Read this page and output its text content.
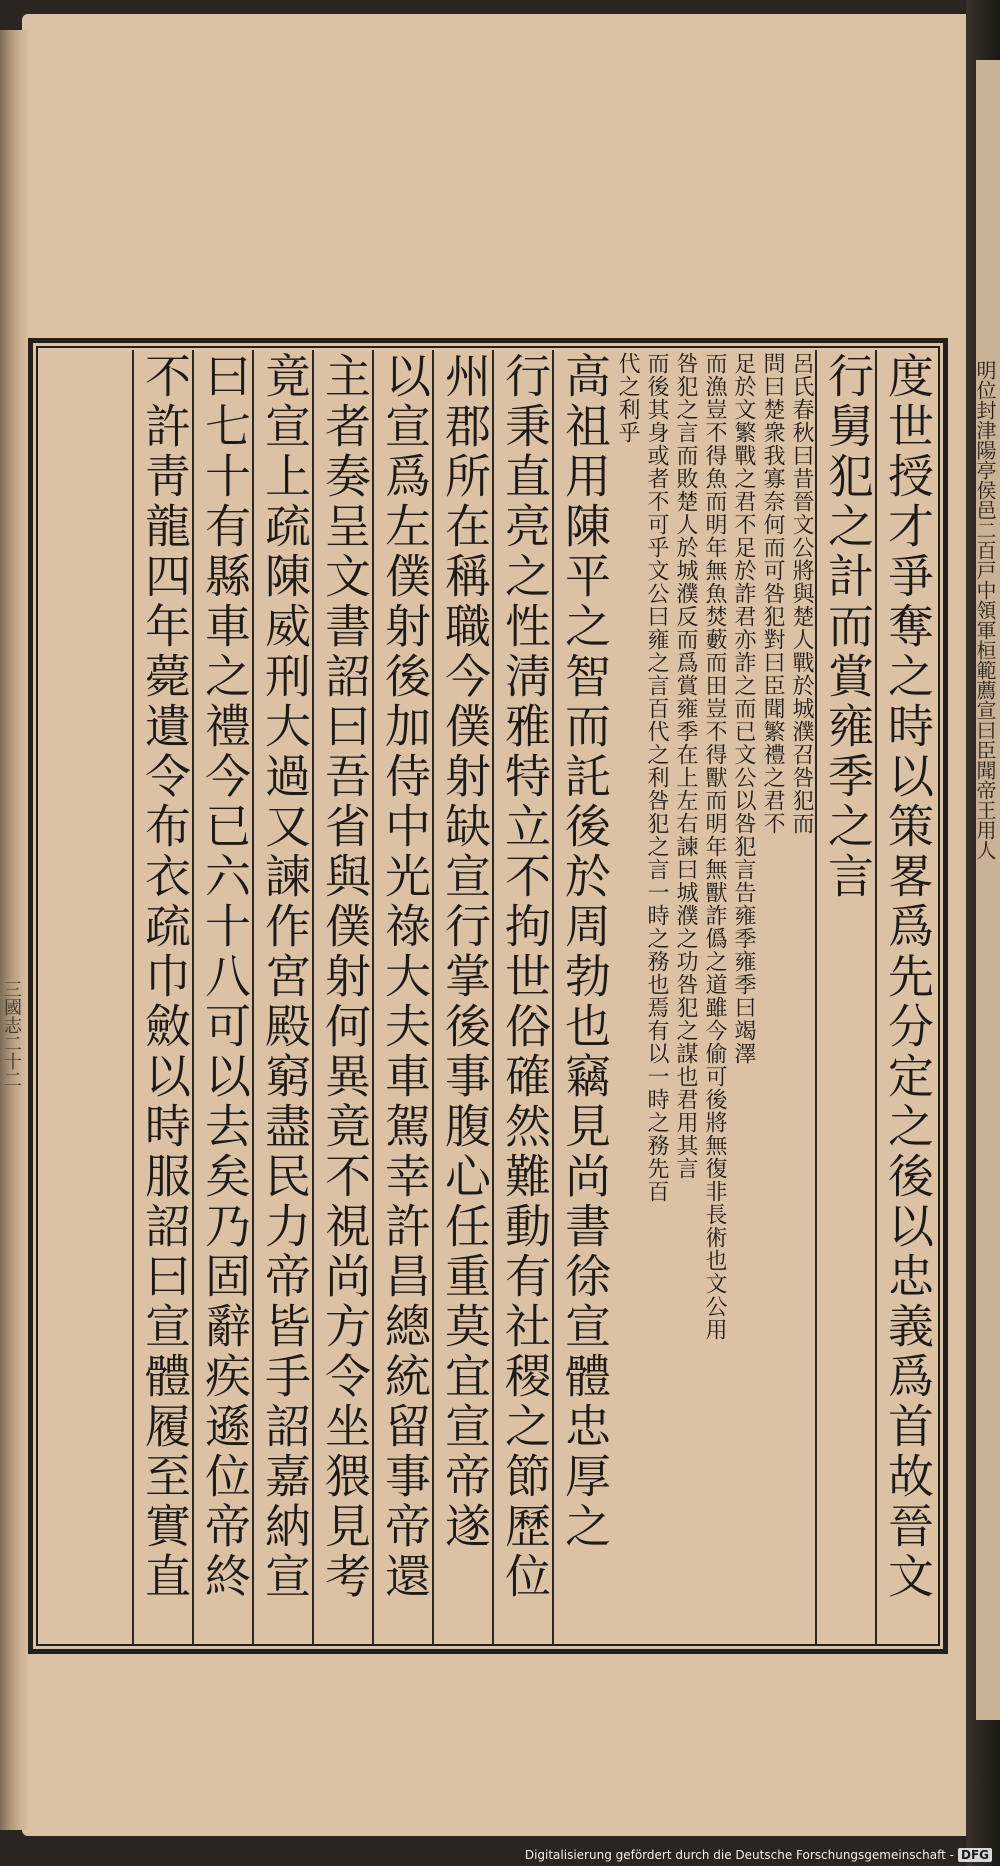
度世授才爭奪之時以策畧爲先分定之後以忠義爲首故晉文
行舅犯之計而賞雍季之言
呂氏春秋曰昔晉文公將與楚人戰於城濮召咎犯而
問曰楚衆我寡奈何而可咎犯對曰臣聞繁禮之君不
足於文繁戰之君不足於詐君亦詐之而已文公以咎犯言告雍季雍季曰竭澤
而漁豈不得魚而明年無魚焚藪而田豈不得獸而明年無獸詐僞之道雖今偷可後將無復非長術也文公用
咎犯之言而敗楚人於城濮反而爲賞雍季在上左右諫曰城濮之功咎犯之謀也君用其言
而後其身或者不可乎文公曰雍之言百代之利咎犯之言一時之務也焉有以一時之務先百
代之利乎
高祖用陳平之智而託後於周勃也竊見尚書徐宣體忠厚之
行秉直亮之性淸雅特立不拘世俗確然難動有社稷之節歷位
州郡所在稱職今僕射缺宣行掌後事腹心任重莫宜宣帝遂
以宣爲左僕射後加侍中光祿大夫車駕幸許昌總統留事帝還
主者奏呈文書詔曰吾省與僕射何異竟不視尚方令坐猥見考
竟宣上疏陳威刑大過又諫作宮殿窮盡民力帝皆手詔嘉納宣
曰七十有縣車之禮今已六十八可以去矣乃固辭疾遜位帝終
不許靑龍四年薨遺令布衣疏巾斂以時服詔曰宣體履至實直	明位封津陽亭侯邑二百戸中領軍桓範薦宣曰臣聞帝王用人
三國志二十二
Digitalisierung gefördert durch die Deutsche Forschungsgemeinschaft - DFG
